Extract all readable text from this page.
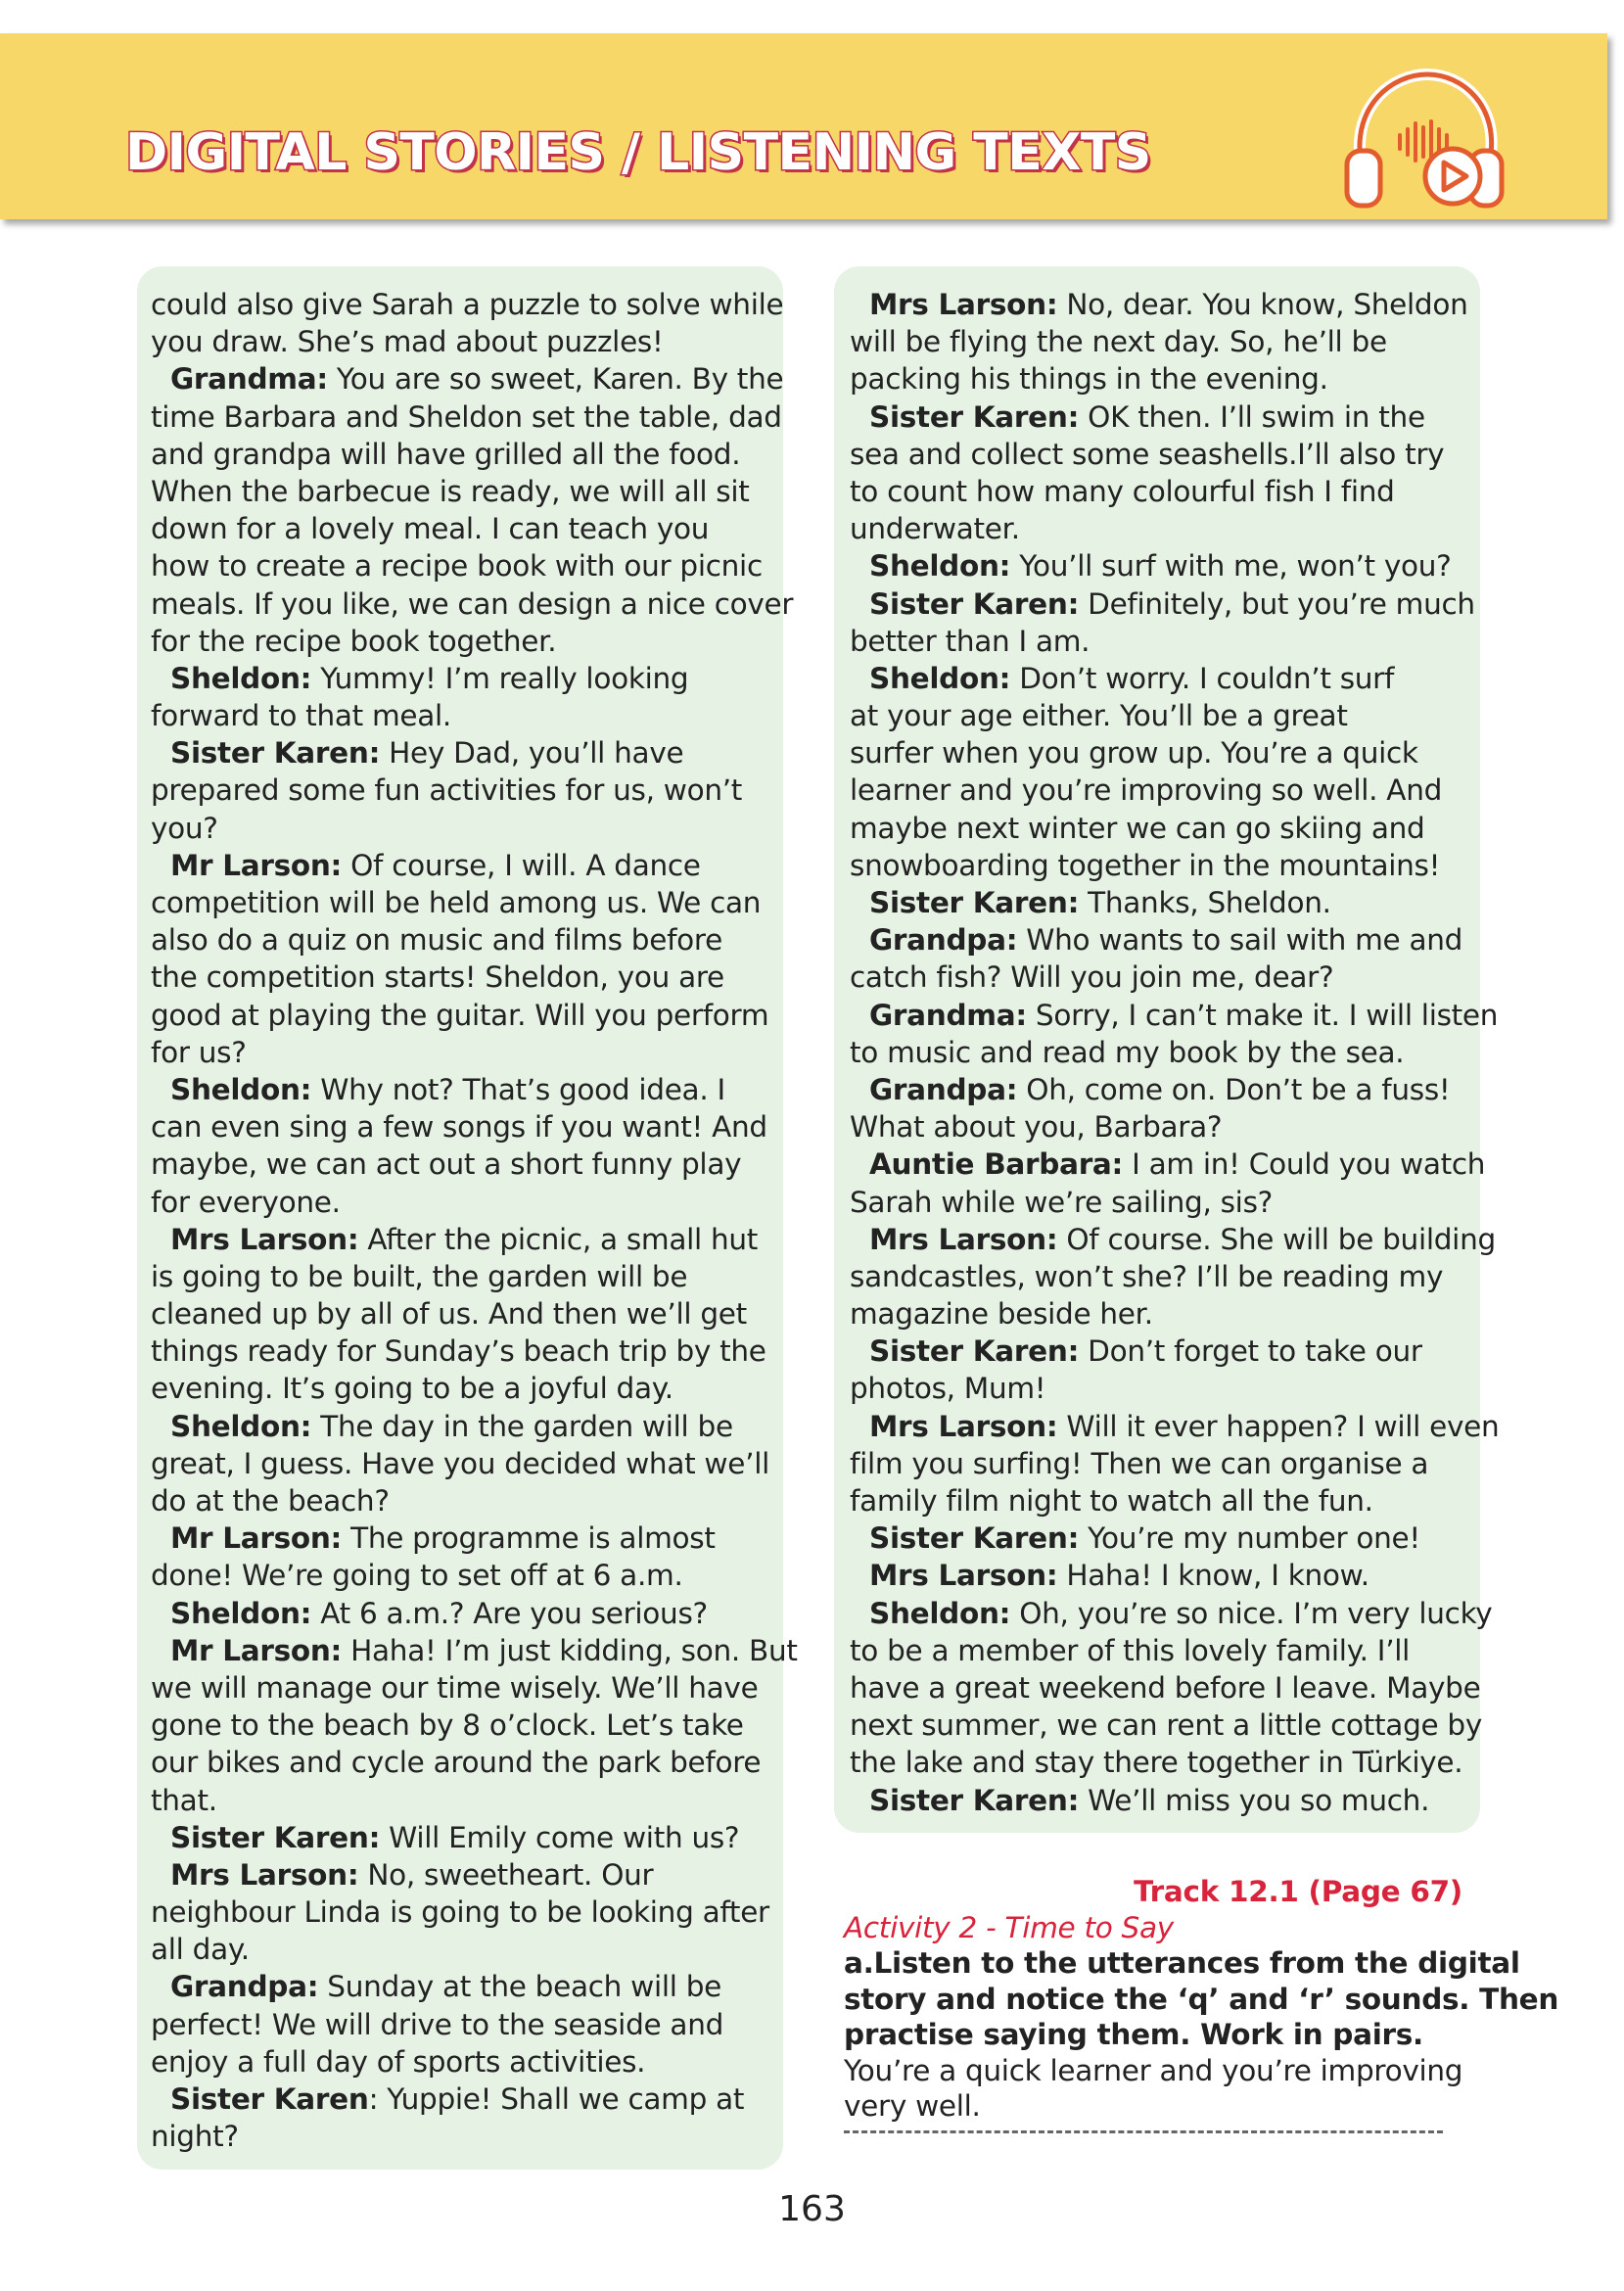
DIGITAL STORIES / LISTENING TEXTS
could also give Sarah a puzzle to solve while
you draw. She’s mad about puzzles!
Grandma: You are so sweet, Karen. By the
time Barbara and Sheldon set the table, dad
and grandpa will have grilled all the food.
When the barbecue is ready, we will all sit
down for a lovely meal. I can teach you
how to create a recipe book with our picnic
meals. If you like, we can design a nice cover
for the recipe book together.
Sheldon: Yummy! I’m really looking
forward to that meal.
Sister Karen: Hey Dad, you’ll have
prepared some fun activities for us, won’t
you?
Mr Larson: Of course, I will. A dance
competition will be held among us. We can
also do a quiz on music and films before
the competition starts! Sheldon, you are
good at playing the guitar. Will you perform
for us?
Sheldon: Why not? That’s good idea. I
can even sing a few songs if you want! And
maybe, we can act out a short funny play
for everyone.
Mrs Larson: After the picnic, a small hut
is going to be built, the garden will be
cleaned up by all of us. And then we’ll get
things ready for Sunday’s beach trip by the
evening. It’s going to be a joyful day.
Sheldon: The day in the garden will be
great, I guess. Have you decided what we’ll
do at the beach?
Mr Larson: The programme is almost
done! We’re going to set off at 6 a.m.
Sheldon: At 6 a.m.? Are you serious?
Mr Larson: Haha! I’m just kidding, son. But
we will manage our time wisely. We’ll have
gone to the beach by 8 o’clock. Let’s take
our bikes and cycle around the park before
that.
Sister Karen: Will Emily come with us?
Mrs Larson: No, sweetheart. Our
neighbour Linda is going to be looking after
all day.
Grandpa: Sunday at the beach will be
perfect! We will drive to the seaside and
enjoy a full day of sports activities.
Sister Karen: Yuppie! Shall we camp at
night?
Mrs Larson: No, dear. You know, Sheldon
will be flying the next day. So, he’ll be
packing his things in the evening.
Sister Karen: OK then. I’ll swim in the
sea and collect some seashells.I’ll also try
to count how many colourful fish I find
underwater.
Sheldon: You’ll surf with me, won’t you?
Sister Karen: Definitely, but you’re much
better than I am.
Sheldon: Don’t worry. I couldn’t surf
at your age either. You’ll be a great
surfer when you grow up. You’re a quick
learner and you’re improving so well. And
maybe next winter we can go skiing and
snowboarding together in the mountains!
Sister Karen: Thanks, Sheldon.
Grandpa: Who wants to sail with me and
catch fish? Will you join me, dear?
Grandma: Sorry, I can’t make it. I will listen
to music and read my book by the sea.
Grandpa: Oh, come on. Don’t be a fuss!
What about you, Barbara?
Auntie Barbara: I am in! Could you watch
Sarah while we’re sailing, sis?
Mrs Larson: Of course. She will be building
sandcastles, won’t she? I’ll be reading my
magazine beside her.
Sister Karen: Don’t forget to take our
photos, Mum!
Mrs Larson: Will it ever happen? I will even
film you surfing! Then we can organise a
family film night to watch all the fun.
Sister Karen: You’re my number one!
Mrs Larson: Haha! I know, I know.
Sheldon: Oh, you’re so nice. I’m very lucky
to be a member of this lovely family. I’ll
have a great weekend before I leave. Maybe
next summer, we can rent a little cottage by
the lake and stay there together in Türkiye.
Sister Karen: We’ll miss you so much.
Track 12.1 (Page 67)
Activity 2 - Time to Say
a.Listen to the utterances from the digital
story and notice the ‘q’ and ‘r’ sounds. Then
practise saying them. Work in pairs.
You’re a quick learner and you’re improving
very well.
163
